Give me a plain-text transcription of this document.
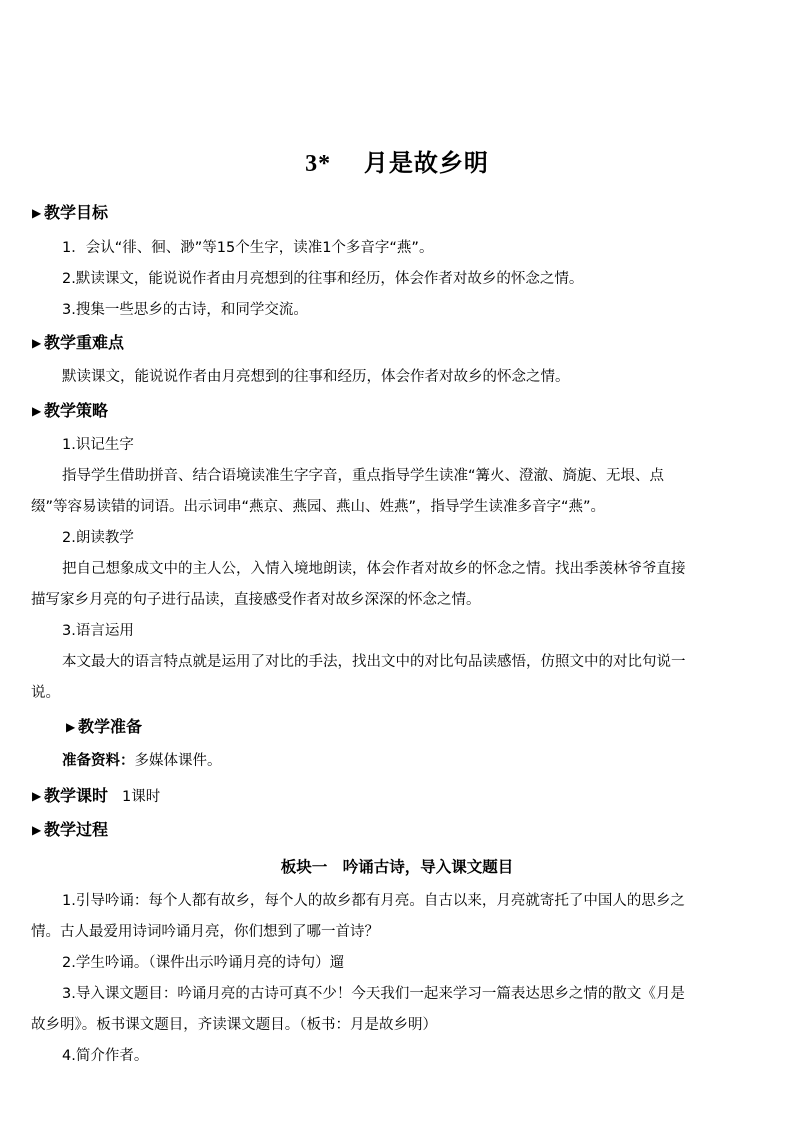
3* 月是故乡明
▶ 教学目标
1．会认“徘、徊、渺”等15个生字，读准1个多音字“燕”。
2.默读课文，能说说作者由月亮想到的往事和经历，体会作者对故乡的怀念之情。
3.搜集一些思乡的古诗，和同学交流。
▶ 教学重难点
默读课文，能说说作者由月亮想到的往事和经历，体会作者对故乡的怀念之情。
▶ 教学策略
1.识记生字
指导学生借助拼音、结合语境读准生字字音，重点指导学生读准“篝火、澄澈、旖旎、无垠、点
缀”等容易读错的词语。出示词串“燕京、燕园、燕山、姓燕”，指导学生读准多音字“燕”。
2.朗读教学
把自己想象成文中的主人公，入情入境地朗读，体会作者对故乡的怀念之情。找出季羡林爷爷直接
描写家乡月亮的句子进行品读，直接感受作者对故乡深深的怀念之情。
3.语言运用
本文最大的语言特点就是运用了对比的手法，找出文中的对比句品读感悟，仿照文中的对比句说一
说。
▶ 教学准备
准备资料：多媒体课件。
▶ 教学课时 1课时
▶ 教学过程
板块一　吟诵古诗，导入课文题目
1.引导吟诵：每个人都有故乡，每个人的故乡都有月亮。自古以来，月亮就寄托了中国人的思乡之
情。古人最爱用诗词吟诵月亮，你们想到了哪一首诗？
2.学生吟诵。（课件出示吟诵月亮的诗句）遛
3.导入课文题目：吟诵月亮的古诗可真不少！今天我们一起来学习一篇表达思乡之情的散文《月是
故乡明》。板书课文题目，齐读课文题目。（板书：月是故乡明）
4.简介作者。
